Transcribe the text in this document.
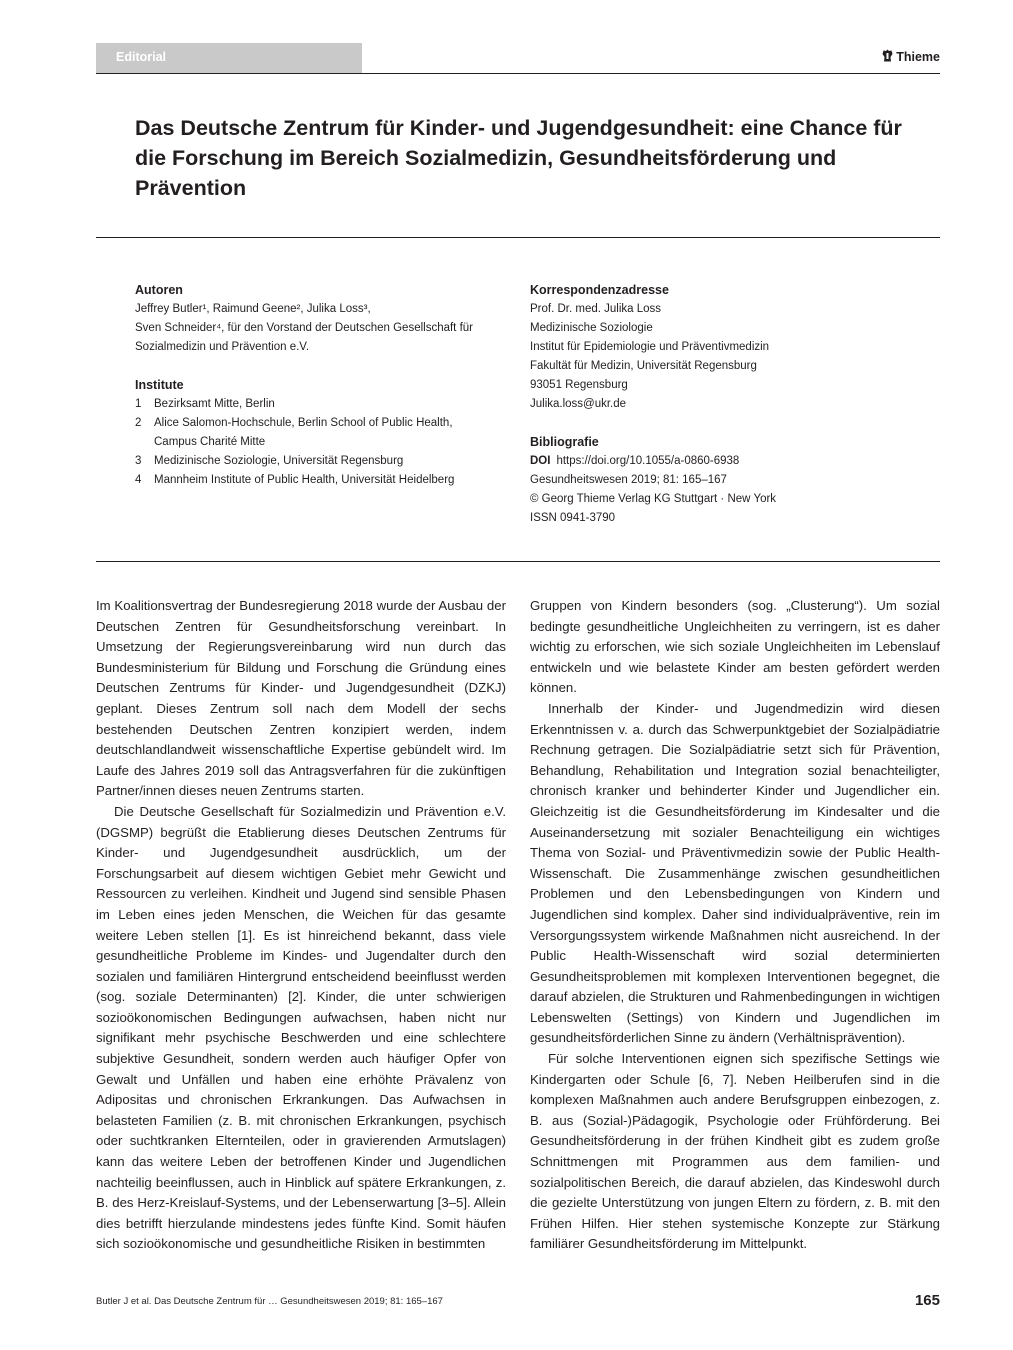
Editorial	Thieme
Das Deutsche Zentrum für Kinder- und Jugendgesundheit: eine Chance für die Forschung im Bereich Sozialmedizin, Gesundheitsförderung und Prävention
Autoren
Jeffrey Butler¹, Raimund Geene², Julika Loss³,
Sven Schneider⁴, für den Vorstand der Deutschen Gesellschaft für
Sozialmedizin und Prävention e.V.
Institute
1	Bezirksamt Mitte, Berlin
2	Alice Salomon-Hochschule, Berlin School of Public Health, Campus Charité Mitte
3	Medizinische Soziologie, Universität Regensburg
4	Mannheim Institute of Public Health, Universität Heidelberg
Korrespondenzadresse
Prof. Dr. med. Julika Loss
Medizinische Soziologie
Institut für Epidemiologie und Präventivmedizin
Fakultät für Medizin, Universität Regensburg
93051 Regensburg
Julika.loss@ukr.de
Bibliografie
DOI https://doi.org/10.1055/a-0860-6938
Gesundheitswesen 2019; 81: 165–167
© Georg Thieme Verlag KG Stuttgart · New York
ISSN 0941-3790

Im Koalitionsvertrag der Bundesregierung 2018 wurde der Ausbau der Deutschen Zentren für Gesundheitsforschung vereinbart. In Umsetzung der Regierungsvereinbarung wird nun durch das Bundesministerium für Bildung und Forschung die Gründung eines Deutschen Zentrums für Kinder- und Jugendgesundheit (DZKJ) geplant. Dieses Zentrum soll nach dem Modell der sechs bestehenden Deutschen Zentren konzipiert werden, indem deutschlandlandweit wissenschaftliche Expertise gebündelt wird. Im Laufe des Jahres 2019 soll das Antragsverfahren für die zukünftigen Partner/innen dieses neuen Zentrums starten.

Die Deutsche Gesellschaft für Sozialmedizin und Prävention e.V. (DGSMP) begrüßt die Etablierung dieses Deutschen Zentrums für Kinder- und Jugendgesundheit ausdrücklich, um der Forschungsarbeit auf diesem wichtigen Gebiet mehr Gewicht und Ressourcen zu verleihen. Kindheit und Jugend sind sensible Phasen im Leben eines jeden Menschen, die Weichen für das gesamte weitere Leben stellen [1]. Es ist hinreichend bekannt, dass viele gesundheitliche Probleme im Kindes- und Jugendalter durch den sozialen und familiären Hintergrund entscheidend beeinflusst werden (sog. soziale Determinanten) [2]. Kinder, die unter schwierigen sozioökonomischen Bedingungen aufwachsen, haben nicht nur signifikant mehr psychische Beschwerden und eine schlechtere subjektive Gesundheit, sondern werden auch häufiger Opfer von Gewalt und Unfällen und haben eine erhöhte Prävalenz von Adipositas und chronischen Erkrankungen. Das Aufwachsen in belasteten Familien (z. B. mit chronischen Erkrankungen, psychisch oder suchtkranken Elternteilen, oder in gravierenden Armutslagen) kann das weitere Leben der betroffenen Kinder und Jugendlichen nachteilig beeinflussen, auch in Hinblick auf spätere Erkrankungen, z. B. des Herz-Kreislauf-Systems, und der Lebenserwartung [3–5]. Allein dies betrifft hierzulande mindestens jedes fünfte Kind. Somit häufen sich sozioökonomische und gesundheitliche Risiken in bestimmten

Gruppen von Kindern besonders (sog. „Clusterung“). Um sozial bedingte gesundheitliche Ungleichheiten zu verringern, ist es daher wichtig zu erforschen, wie sich soziale Ungleichheiten im Lebenslauf entwickeln und wie belastete Kinder am besten gefördert werden können.

Innerhalb der Kinder- und Jugendmedizin wird diesen Erkenntnissen v. a. durch das Schwerpunktgebiet der Sozialpädiatrie Rechnung getragen. Die Sozialpädiatrie setzt sich für Prävention, Behandlung, Rehabilitation und Integration sozial benachteiligter, chronisch kranker und behinderter Kinder und Jugendlicher ein. Gleichzeitig ist die Gesundheitsförderung im Kindesalter und die Auseinandersetzung mit sozialer Benachteiligung ein wichtiges Thema von Sozial- und Präventivmedizin sowie der Public Health-Wissenschaft. Die Zusammenhänge zwischen gesundheitlichen Problemen und den Lebensbedingungen von Kindern und Jugendlichen sind komplex. Daher sind individualpräventive, rein im Versorgungssystem wirkende Maßnahmen nicht ausreichend. In der Public Health-Wissenschaft wird sozial determinierten Gesundheitsproblemen mit komplexen Interventionen begegnet, die darauf abzielen, die Strukturen und Rahmenbedingungen in wichtigen Lebenswelten (Settings) von Kindern und Jugendlichen im gesundheitsförderlichen Sinne zu ändern (Verhältnisprävention).

Für solche Interventionen eignen sich spezifische Settings wie Kindergarten oder Schule [6, 7]. Neben Heilberufen sind in die komplexen Maßnahmen auch andere Berufsgruppen einbezogen, z. B. aus (Sozial-)Pädagogik, Psychologie oder Frühförderung. Bei Gesundheitsförderung in der frühen Kindheit gibt es zudem große Schnittmengen mit Programmen aus dem familien- und sozialpolitischen Bereich, die darauf abzielen, das Kindeswohl durch die gezielte Unterstützung von jungen Eltern zu fördern, z. B. mit den Frühen Hilfen. Hier stehen systemische Konzepte zur Stärkung familiärer Gesundheitsförderung im Mittelpunkt.

Butler J et al. Das Deutsche Zentrum für … Gesundheitswesen 2019; 81: 165–167	165
